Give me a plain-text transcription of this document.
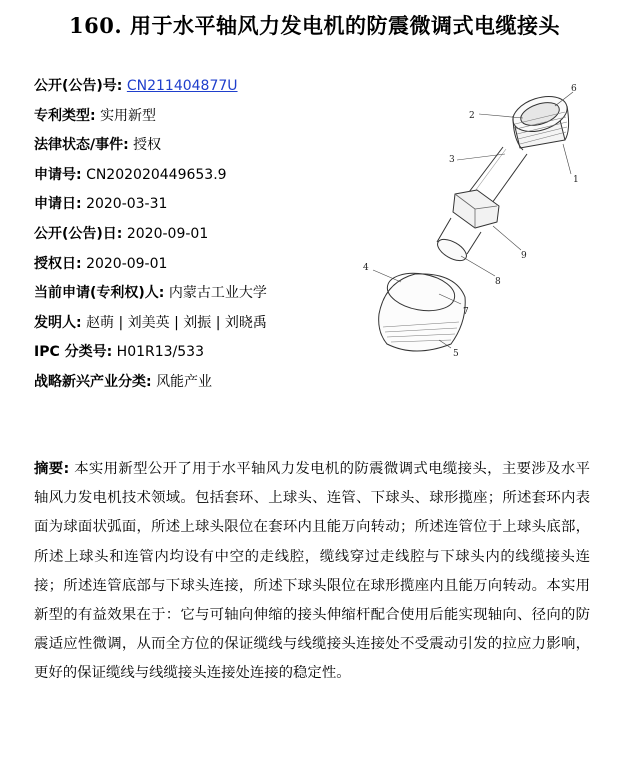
160. 用于水平轴风力发电机的防震微调式电缆接头
公开(公告)号: CN211404877U
专利类型: 实用新型
法律状态/事件: 授权
申请号: CN202020449653.9
申请日: 2020-03-31
公开(公告)日: 2020-09-01
授权日: 2020-09-01
当前申请(专利权)人: 内蒙古工业大学
发明人: 赵萌 | 刘美英 | 刘振 | 刘晓禹
IPC 分类号: H01R13/533
战略新兴产业分类: 风能产业
6
2
3
1
4
7
8
9
5
摘要: 本实用新型公开了用于水平轴风力发电机的防震微调式电缆接头，主要涉及水平轴风力发电机技术领域。包括套环、上球头、连管、下球头、球形揽座；所述套环内表面为球面状弧面，所述上球头限位在套环内且能万向转动；所述连管位于上球头底部，所述上球头和连管内均设有中空的走线腔，缆线穿过走线腔与下球头内的线缆接头连接；所述连管底部与下球头连接，所述下球头限位在球形揽座内且能万向转动。本实用新型的有益效果在于：它与可轴向伸缩的接头伸缩杆配合使用后能实现轴向、径向的防震适应性微调，从而全方位的保证缆线与线缆接头连接处不受震动引发的拉应力影响，更好的保证缆线与线缆接头连接处连接的稳定性。
